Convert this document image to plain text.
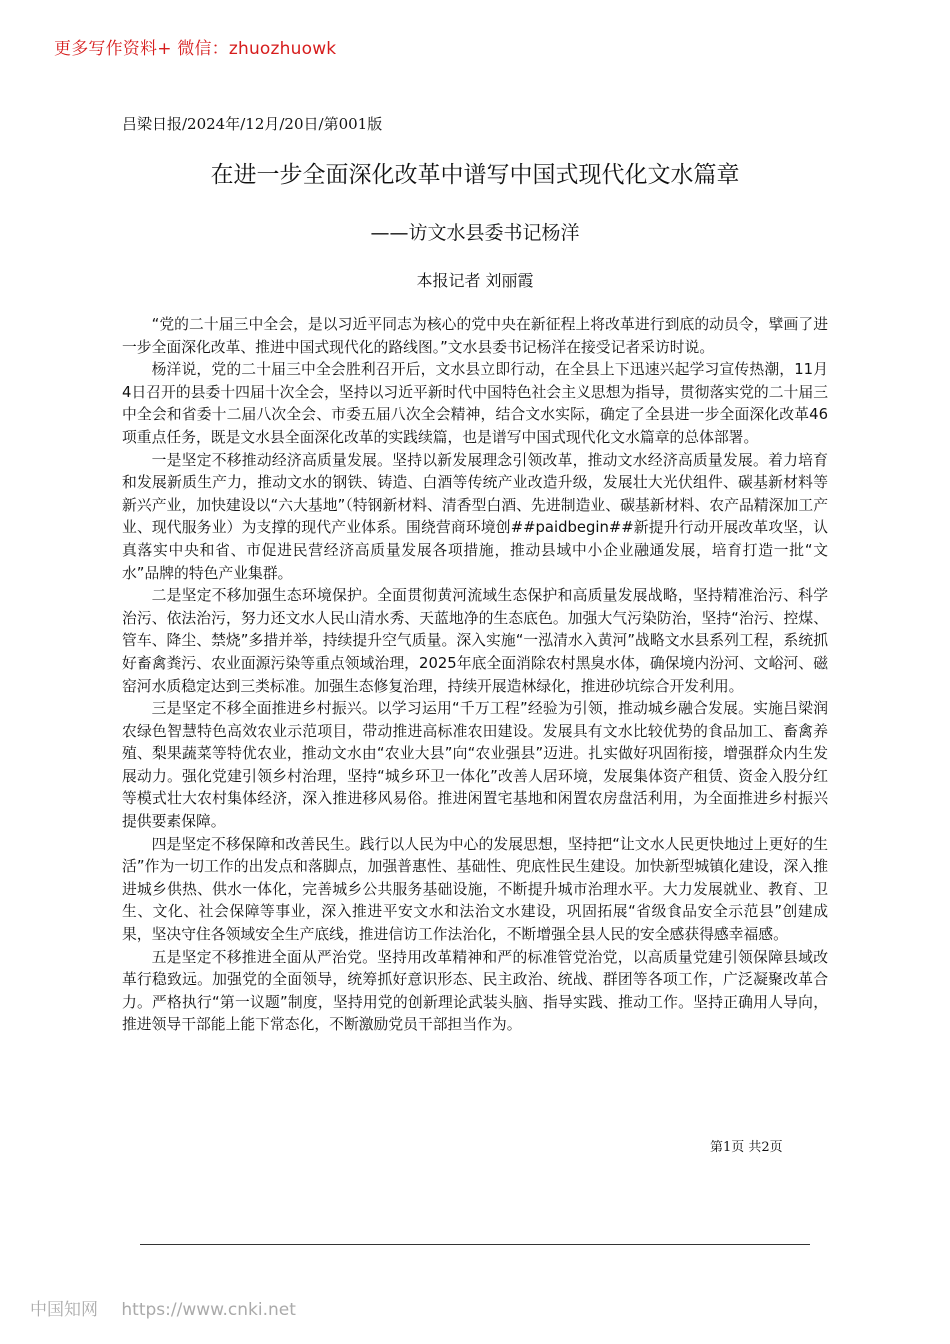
更多写作资料+ 微信：zhuozhuowk
吕梁日报/2024年/12月/20日/第001版
在进一步全面深化改革中谱写中国式现代化文水篇章
——访文水县委书记杨洋
本报记者 刘丽霞

“党的二十届三中全会，是以习近平同志为核心的党中央在新征程上将改革进行到底的动员令，擘画了进一步全面深化改革、推进中国式现代化的路线图。”文水县委书记杨洋在接受记者采访时说。

杨洋说，党的二十届三中全会胜利召开后，文水县立即行动，在全县上下迅速兴起学习宣传热潮，11月4日召开的县委十四届十次全会，坚持以习近平新时代中国特色社会主义思想为指导，贯彻落实党的二十届三中全会和省委十二届八次全会、市委五届八次全会精神，结合文水实际，确定了全县进一步全面深化改革46项重点任务，既是文水县全面深化改革的实践续篇，也是谱写中国式现代化文水篇章的总体部署。

一是坚定不移推动经济高质量发展。坚持以新发展理念引领改革，推动文水经济高质量发展。着力培育和发展新质生产力，推动文水的钢铁、铸造、白酒等传统产业改造升级，发展壮大光伏组件、碳基新材料等新兴产业，加快建设以“六大基地”（特钢新材料、清香型白酒、先进制造业、碳基新材料、农产品精深加工产业、现代服务业）为支撑的现代产业体系。围绕营商环境创##paidbegin##新提升行动开展改革攻坚，认真落实中央和省、市促进民营经济高质量发展各项措施，推动县域中小企业融通发展，培育打造一批“文水”品牌的特色产业集群。

二是坚定不移加强生态环境保护。全面贯彻黄河流域生态保护和高质量发展战略，坚持精准治污、科学治污、依法治污，努力还文水人民山清水秀、天蓝地净的生态底色。加强大气污染防治，坚持“治污、控煤、管车、降尘、禁烧”多措并举，持续提升空气质量。深入实施“一泓清水入黄河”战略文水县系列工程，系统抓好畜禽粪污、农业面源污染等重点领域治理，2025年底全面消除农村黑臭水体，确保境内汾河、文峪河、磁窑河水质稳定达到三类标准。加强生态修复治理，持续开展造林绿化，推进砂坑综合开发利用。

三是坚定不移全面推进乡村振兴。以学习运用“千万工程”经验为引领，推动城乡融合发展。实施吕梁润农绿色智慧特色高效农业示范项目，带动推进高标准农田建设。发展具有文水比较优势的食品加工、畜禽养殖、梨果蔬菜等特优农业，推动文水由“农业大县”向“农业强县”迈进。扎实做好巩固衔接，增强群众内生发展动力。强化党建引领乡村治理，坚持“城乡环卫一体化”改善人居环境，发展集体资产租赁、资金入股分红等模式壮大农村集体经济，深入推进移风易俗。推进闲置宅基地和闲置农房盘活利用，为全面推进乡村振兴提供要素保障。

四是坚定不移保障和改善民生。践行以人民为中心的发展思想，坚持把“让文水人民更快地过上更好的生活”作为一切工作的出发点和落脚点，加强普惠性、基础性、兜底性民生建设。加快新型城镇化建设，深入推进城乡供热、供水一体化，完善城乡公共服务基础设施，不断提升城市治理水平。大力发展就业、教育、卫生、文化、社会保障等事业，深入推进平安文水和法治文水建设，巩固拓展“省级食品安全示范县”创建成果，坚决守住各领域安全生产底线，推进信访工作法治化，不断增强全县人民的安全感获得感幸福感。

五是坚定不移推进全面从严治党。坚持用改革精神和严的标准管党治党，以高质量党建引领保障县域改革行稳致远。加强党的全面领导，统筹抓好意识形态、民主政治、统战、群团等各项工作，广泛凝聚改革合力。严格执行“第一议题”制度，坚持用党的创新理论武装头脑、指导实践、推动工作。坚持正确用人导向，推进领导干部能上能下常态化，不断激励党员干部担当作为。

第1页 共2页
中国知网 https://www.cnki.net
